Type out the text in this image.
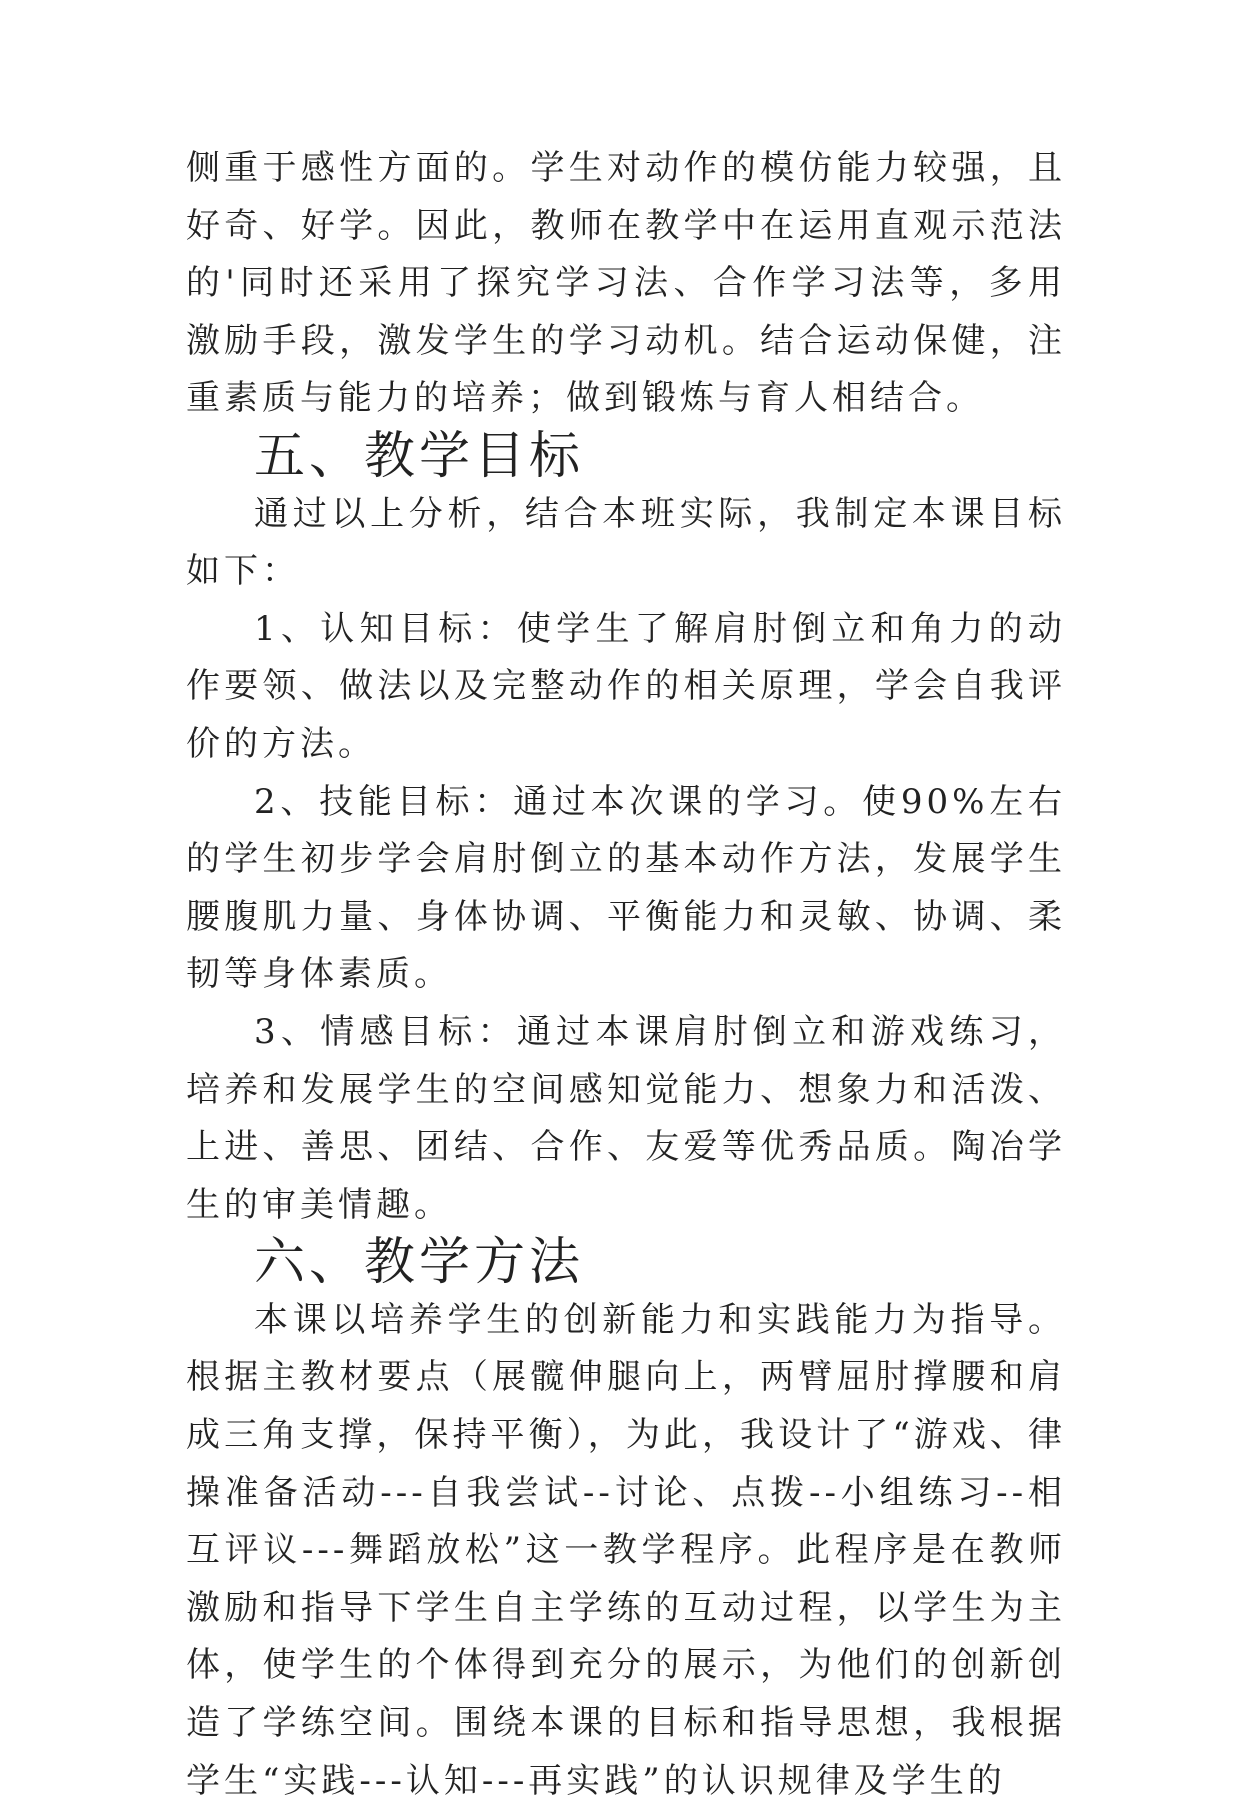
侧重于感性方面的。学生对动作的模仿能力较强，且好奇、好学。因此，教师在教学中在运用直观示范法的'同时还采用了探究学习法、合作学习法等，多用激励手段，激发学生的学习动机。结合运动保健，注重素质与能力的培养；做到锻炼与育人相结合。

五、教学目标

通过以上分析，结合本班实际，我制定本课目标如下：

1、认知目标：使学生了解肩肘倒立和角力的动作要领、做法以及完整动作的相关原理，学会自我评价的方法。

2、技能目标：通过本次课的学习。使90%左右的学生初步学会肩肘倒立的基本动作方法，发展学生腰腹肌力量、身体协调、平衡能力和灵敏、协调、柔韧等身体素质。

3、情感目标：通过本课肩肘倒立和游戏练习，培养和发展学生的空间感知觉能力、想象力和活泼、上进、善思、团结、合作、友爱等优秀品质。陶冶学生的审美情趣。

六、教学方法

本课以培养学生的创新能力和实践能力为指导。根据主教材要点（展髋伸腿向上，两臂屈肘撑腰和肩成三角支撑，保持平衡），为此，我设计了“游戏、律操准备活动---自我尝试--讨论、点拨--小组练习--相互评议---舞蹈放松”这一教学程序。此程序是在教师激励和指导下学生自主学练的互动过程，以学生为主体，使学生的个体得到充分的展示，为他们的创新创造了学练空间。围绕本课的目标和指导思想，我根据学生“实践---认知---再实践”的认识规律及学生的
